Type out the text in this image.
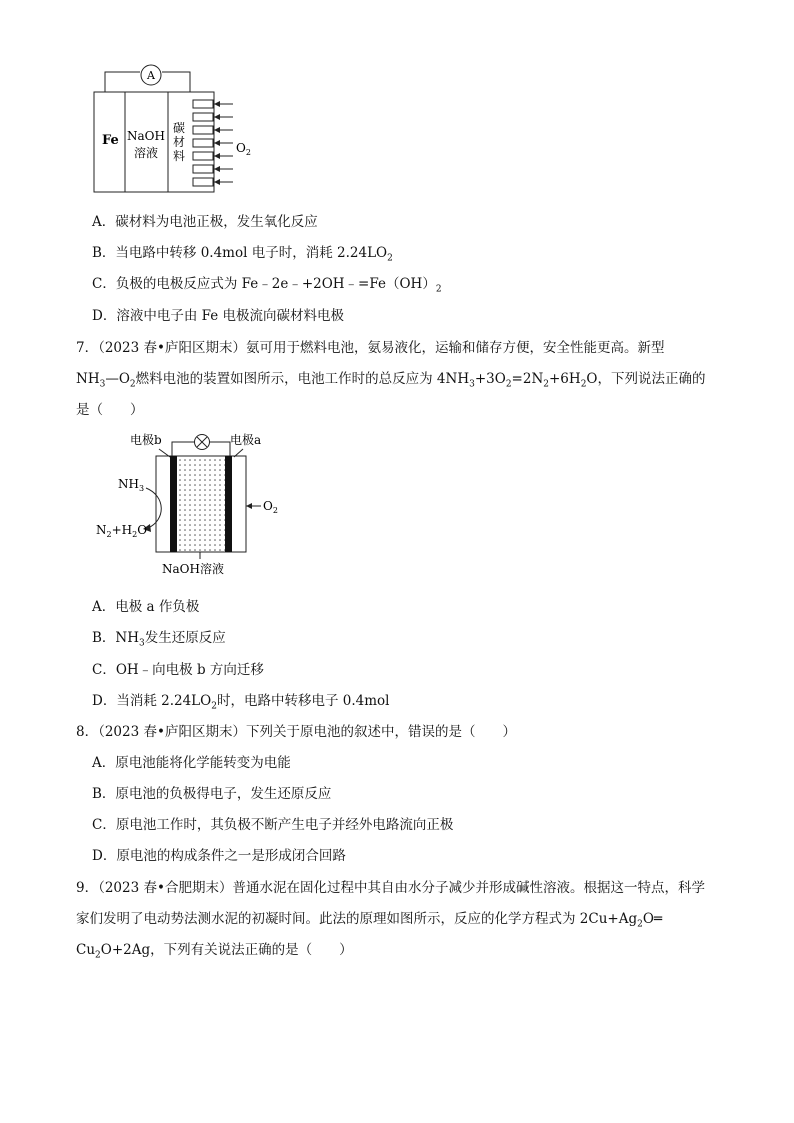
A
Fe NaOH
溶液
碳
材
料
$O_2$
A．碳材料为电池正极，发生氧化反应
B．当电路中转移 0.4mol 电子时，消耗 $2.24LO_2$
C．负极的电极反应式为 $Fe﹣2e﹣+2OH﹣=Fe(OH)_2$
D．溶液中电子由 Fe 电极流向碳材料电极
7．（2023 春•庐阳区期末）氨可用于燃料电池，氨易液化，运输和储存方便，安全性能更高。新型
$NH_3—O_2$燃料电池的装置如图所示，电池工作时的总反应为 $4NH_3+3O_2=2N_2+6H_2O$，下列说法正确的
是（　　）
电极b	电极a
$NH_3$
$N_2+H_2O$
$O_2$
NaOH溶液
A．电极 a 作负极
B．$NH_3$发生还原反应
C．OH﹣向电极 b 方向迁移
D．当消耗 $2.24LO_2$时，电路中转移电子 0.4mol
8．（2023 春•庐阳区期末）下列关于原电池的叙述中，错误的是（　　）
A．原电池能将化学能转变为电能
B．原电池的负极得电子，发生还原反应
C．原电池工作时，其负极不断产生电子并经外电路流向正极
D．原电池的构成条件之一是形成闭合回路
9．（2023 春•合肥期末）普通水泥在固化过程中其自由水分子减少并形成碱性溶液。根据这一特点，科学
家们发明了电动势法测水泥的初凝时间。此法的原理如图所示，反应的化学方程式为 $2Cu+Ag_2O═$
$Cu_2O+2Ag$，下列有关说法正确的是（　　）
